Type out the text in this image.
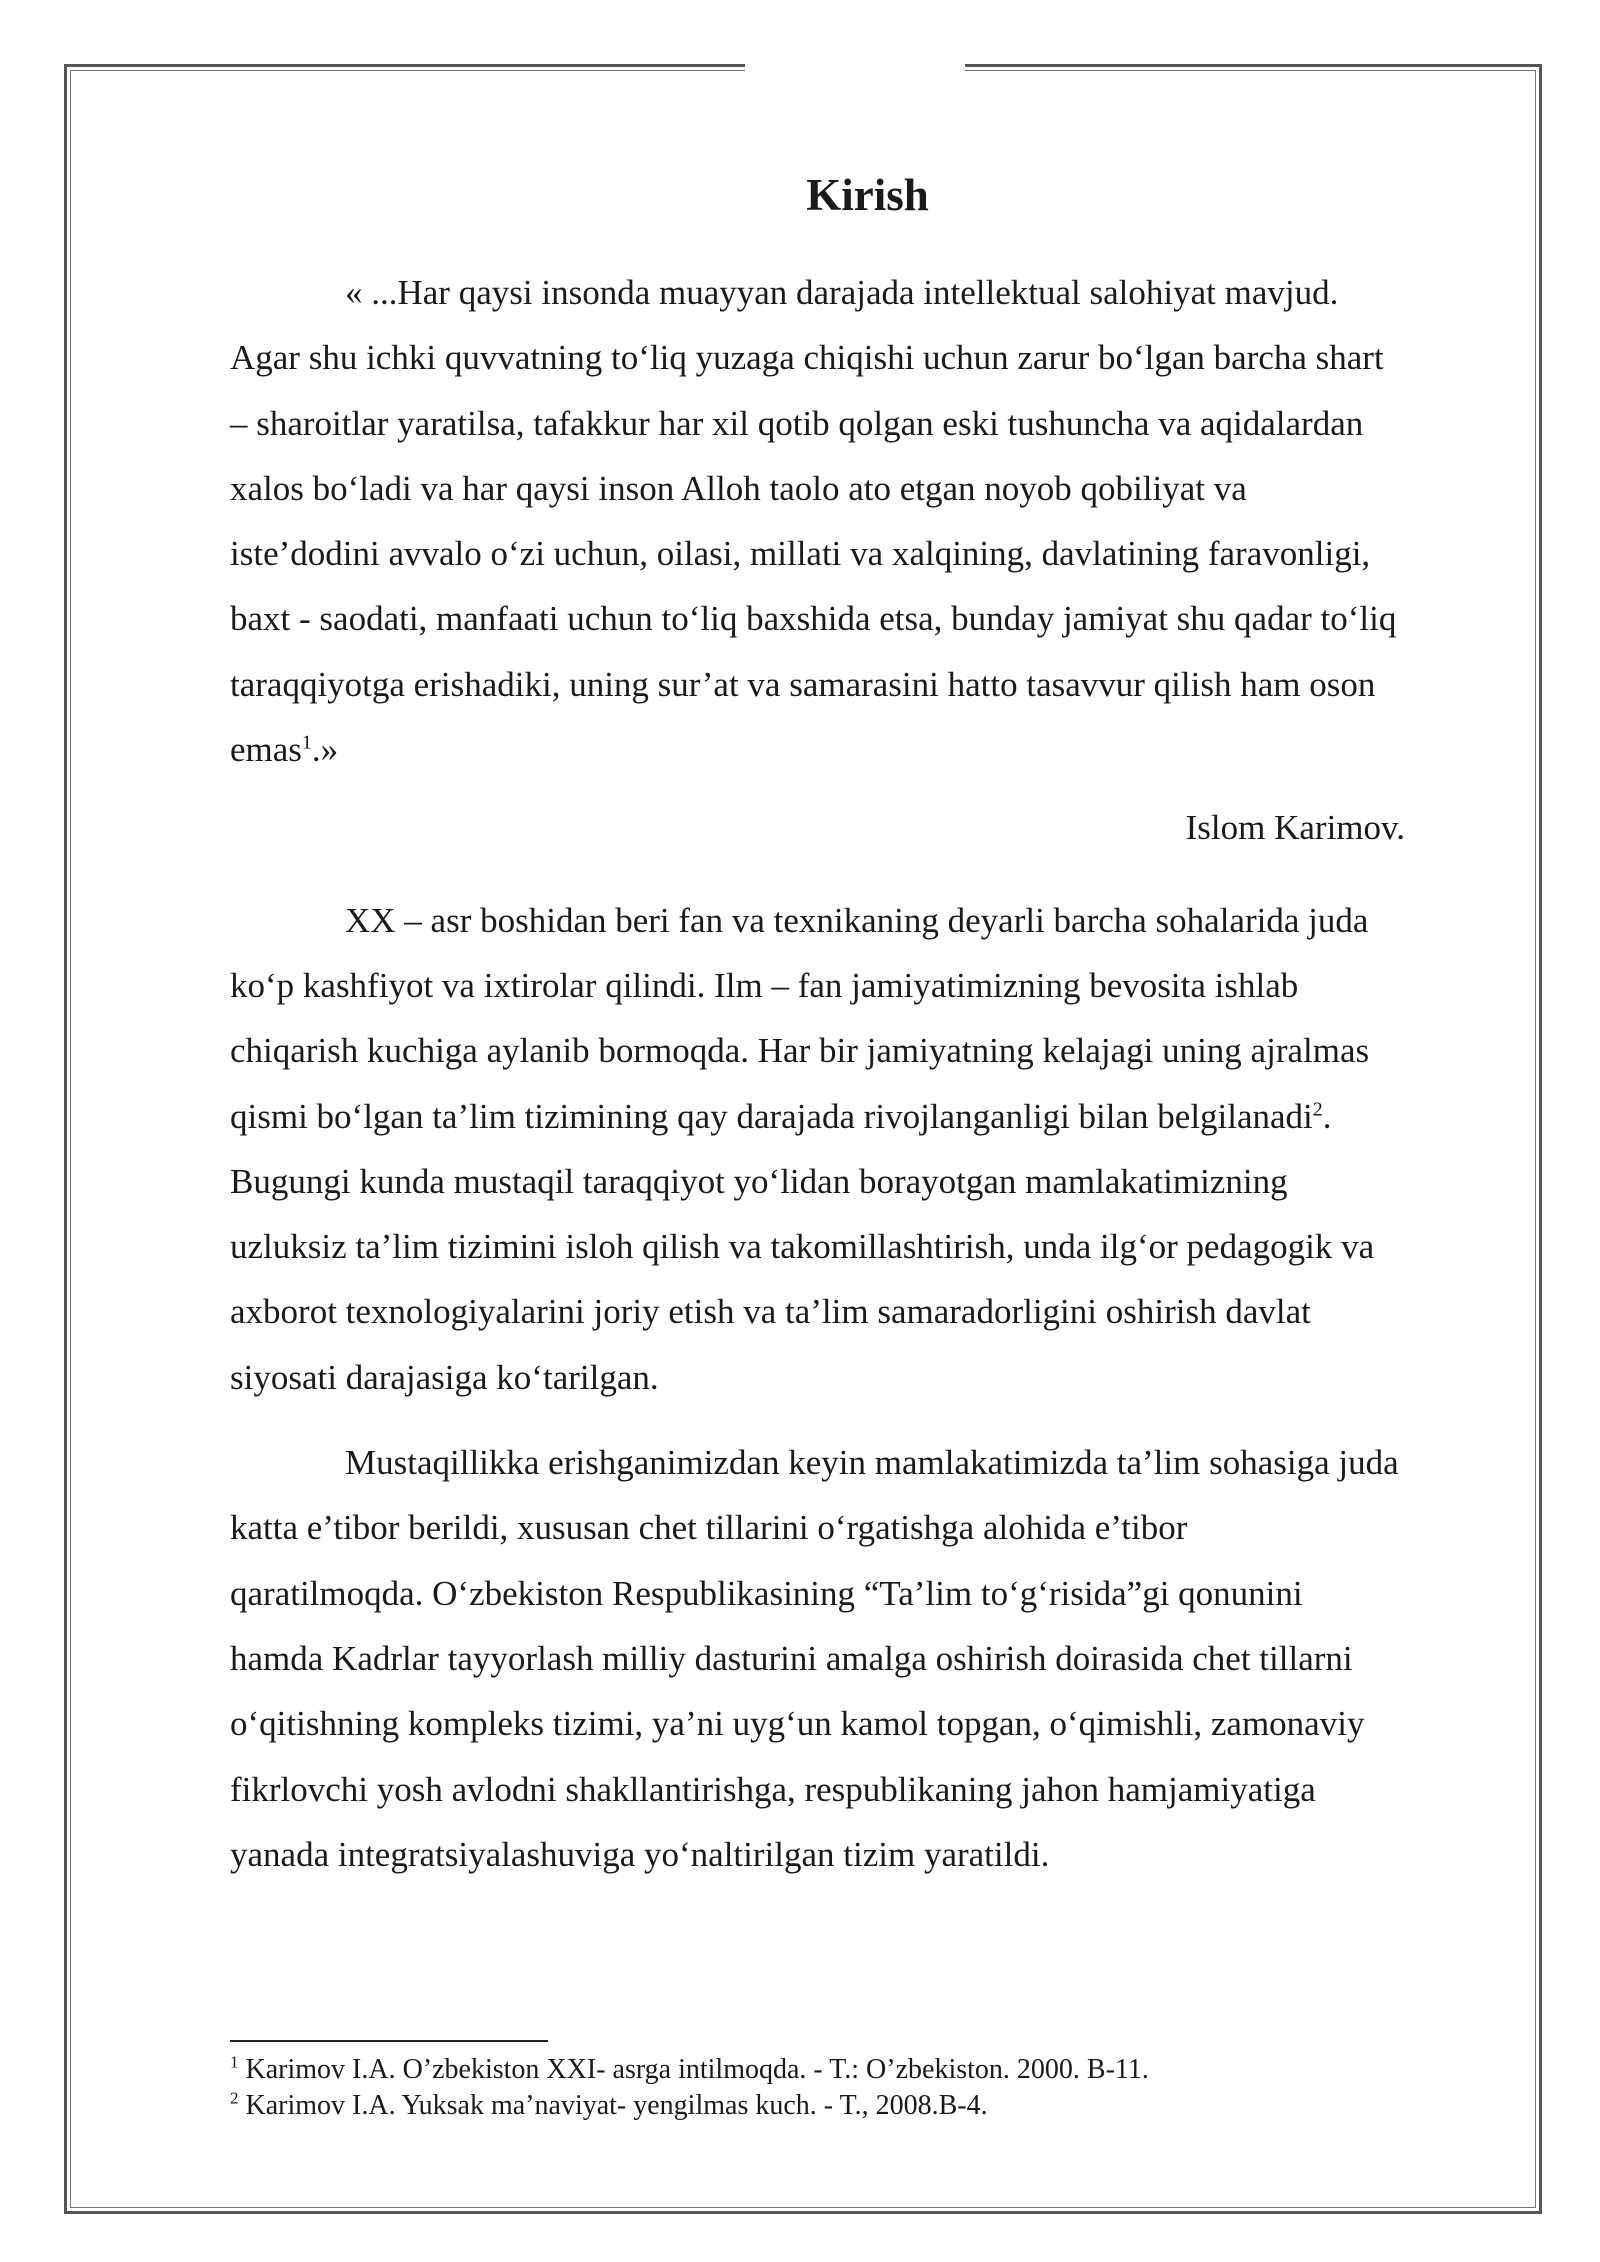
Kirish

« ...Har qaysi insonda muayyan darajada intellektual salohiyat mavjud.
Agar shu ichki quvvatning to‘liq yuzaga chiqishi uchun zarur bo‘lgan barcha shart
– sharoitlar yaratilsa, tafakkur har xil qotib qolgan eski tushuncha va aqidalardan
xalos bo‘ladi va har qaysi inson Alloh taolo ato etgan noyob qobiliyat va
iste’dodini avvalo o‘zi uchun, oilasi, millati va xalqining, davlatining faravonligi,
baxt - saodati, manfaati uchun to‘liq baxshida etsa, bunday jamiyat shu qadar to‘liq
taraqqiyotga erishadiki, uning sur’at va samarasini hatto tasavvur qilish ham oson
emas$^1$.»

Islom Karimov.

XX – asr boshidan beri fan va texnikaning deyarli barcha sohalarida juda
ko‘p kashfiyot va ixtirolar qilindi. Ilm – fan jamiyatimizning bevosita ishlab
chiqarish kuchiga aylanib bormoqda. Har bir jamiyatning kelajagi uning ajralmas
qismi bo‘lgan ta’lim tizimining qay darajada rivojlanganligi bilan belgilanadi$^2$.
Bugungi kunda mustaqil taraqqiyot yo‘lidan borayotgan mamlakatimizning
uzluksiz ta’lim tizimini isloh qilish va takomillashtirish, unda ilg‘or pedagogik va
axborot texnologiyalarini joriy etish va ta’lim samaradorligini oshirish davlat
siyosati darajasiga ko‘tarilgan.

Mustaqillikka erishganimizdan keyin mamlakatimizda ta’lim sohasiga juda
katta e’tibor berildi, xususan chet tillarini o‘rgatishga alohida e’tibor
qaratilmoqda. O‘zbekiston Respublikasining “Ta’lim to‘g‘risida”gi qonunini
hamda Kadrlar tayyorlash milliy dasturini amalga oshirish doirasida chet tillarni
o‘qitishning kompleks tizimi, ya’ni uyg‘un kamol topgan, o‘qimishli, zamonaviy
fikrlovchi yosh avlodni shakllantirishga, respublikaning jahon hamjamiyatiga
yanada integratsiyalashuviga yo‘naltirilgan tizim yaratildi.

$^1$ Karimov I.A. O’zbekiston XXI- asrga intilmoqda. - T.: O’zbekiston. 2000. B-11.
$^2$ Karimov I.A. Yuksak ma’naviyat- yengilmas kuch. - T., 2008.B-4.
